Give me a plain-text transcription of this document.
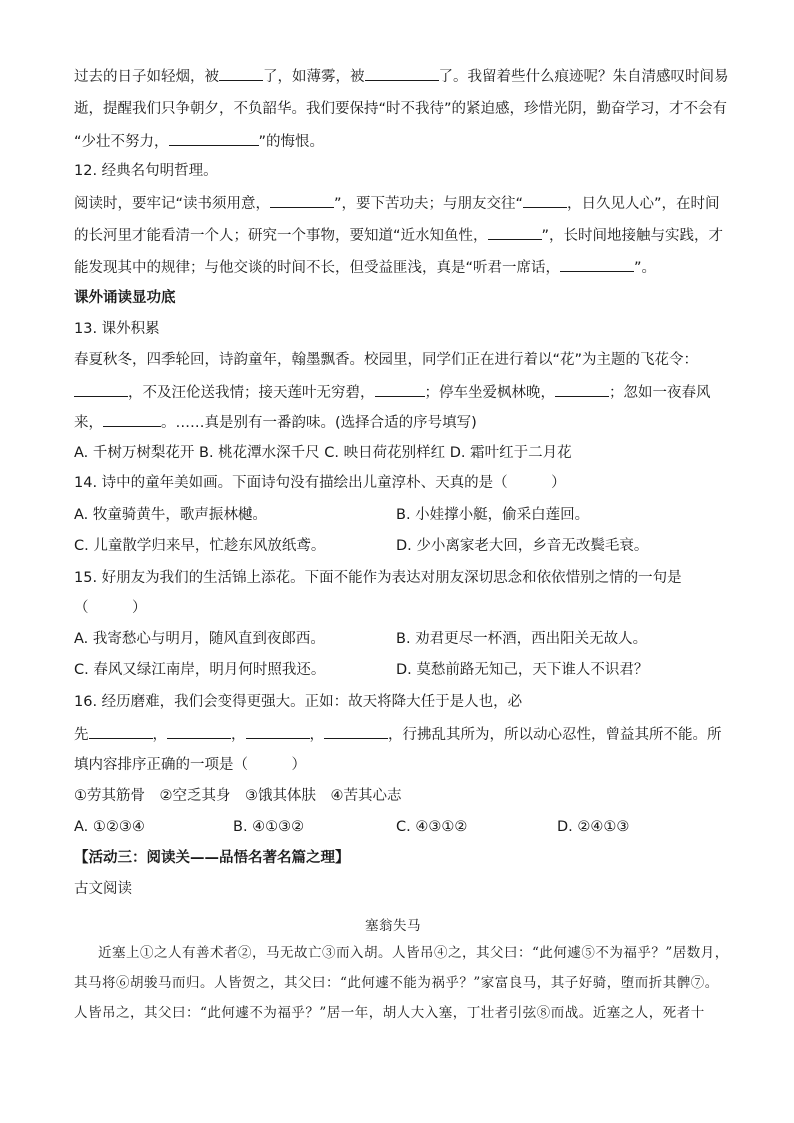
过去的日子如轻烟，被	了，如薄雾，被	了。我留着些什么痕迹呢？朱自清感叹时间易
逝，提醒我们只争朝夕，不负韶华。我们要保持“时不我待”的紧迫感，珍惜光阴，勤奋学习，才不会有
“少壮不努力，	”的悔恨。
12. 经典名句明哲理。
阅读时，要牢记“读书须用意，	”，要下苦功夫；与朋友交往“	，日久见人心”，在时间
的长河里才能看清一个人；研究一个事物，要知道“近水知鱼性，	”，长时间地接触与实践，才
能发现其中的规律；与他交谈的时间不长，但受益匪浅，真是“听君一席话，	”。
课外诵读显功底
13. 课外积累
春夏秋冬，四季轮回，诗韵童年，翰墨飘香。校园里，同学们正在进行着以“花”为主题的飞花令：
，不及汪伦送我情；接天莲叶无穷碧，	；停车坐爱枫林晚，	；忽如一夜春风
来，	。……真是别有一番韵味。(选择合适的序号填写)
A. 千树万树梨花开 B. 桃花潭水深千尺 C. 映日荷花别样红 D. 霜叶红于二月花
14. 诗中的童年美如画。下面诗句没有描绘出儿童淳朴、天真的是（　　　）
A. 牧童骑黄牛，歌声振林樾。	B. 小娃撑小艇，偷采白莲回。
C. 儿童散学归来早，忙趁东风放纸鸢。	D. 少小离家老大回，乡音无改鬓毛衰。
15. 好朋友为我们的生活锦上添花。下面不能作为表达对朋友深切思念和依依惜别之情的一句是
（　　　）
A. 我寄愁心与明月，随风直到夜郎西。	B. 劝君更尽一杯酒，西出阳关无故人。
C. 春风又绿江南岸，明月何时照我还。	D. 莫愁前路无知己，天下谁人不识君？
16. 经历磨难，我们会变得更强大。正如：故天将降大任于是人也，必
先	，	，	，	，行拂乱其所为，所以动心忍性，曾益其所不能。所
填内容排序正确的一项是（　　　）
①劳其筋骨　②空乏其身　③饿其体肤　④苦其心志
A. ①②③④	B. ④①③②	C. ④③①②	D. ②④①③
【活动三：阅读关——品悟名著名篇之理】
古文阅读
塞翁失马
近塞上①之人有善术者②，马无故亡③而入胡。人皆吊④之，其父曰：“此何遽⑤不为福乎？”居数月，
其马将⑥胡骏马而归。人皆贺之，其父曰：“此何遽不能为祸乎？”家富良马，其子好骑，堕而折其髀⑦。
人皆吊之，其父曰：“此何遽不为福乎？”居一年，胡人大入塞，丁壮者引弦⑧而战。近塞之人，死者十
